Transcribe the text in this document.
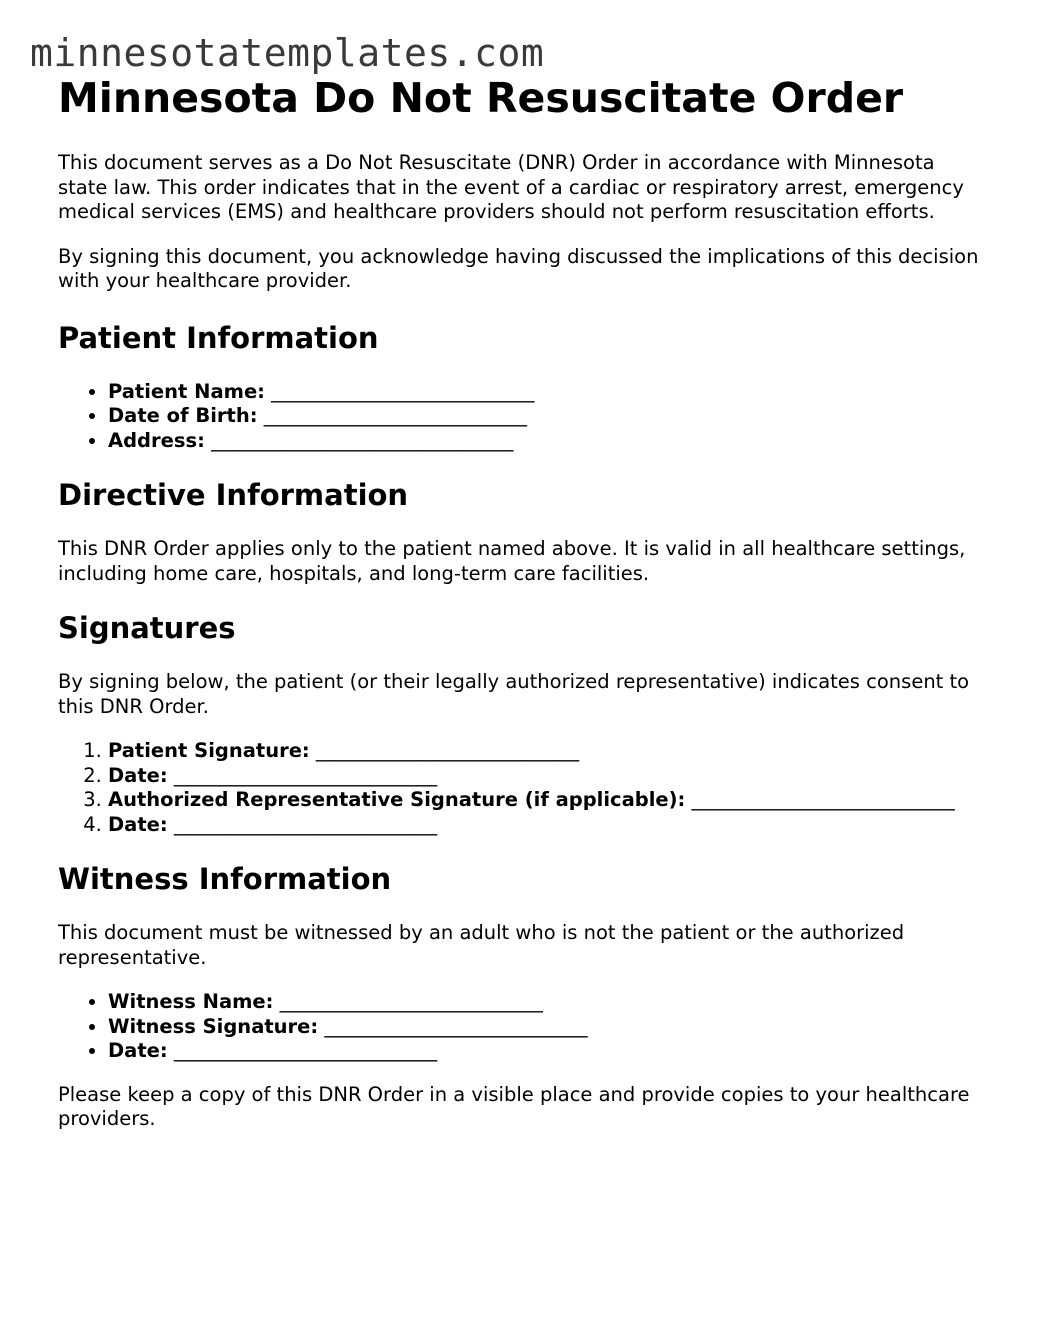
minnesotatemplates.com
Minnesota Do Not Resuscitate Order

This document serves as a Do Not Resuscitate (DNR) Order in accordance with Minnesota state law. This order indicates that in the event of a cardiac or respiratory arrest, emergency medical services (EMS) and healthcare providers should not perform resuscitation efforts.

By signing this document, you acknowledge having discussed the implications of this decision with your healthcare provider.

Patient Information
• Patient Name: ___________________________
• Date of Birth: ___________________________
• Address: _______________________________
Directive Information

This DNR Order applies only to the patient named above. It is valid in all healthcare settings, including home care, hospitals, and long-term care facilities.

Signatures

By signing below, the patient (or their legally authorized representative) indicates consent to this DNR Order.

1. Patient Signature: ___________________________
2. Date: ___________________________
3. Authorized Representative Signature (if applicable): ___________________________
4. Date: ___________________________
Witness Information

This document must be witnessed by an adult who is not the patient or the authorized representative.

• Witness Name: ___________________________
• Witness Signature: ___________________________
• Date: ___________________________

Please keep a copy of this DNR Order in a visible place and provide copies to your healthcare providers.
